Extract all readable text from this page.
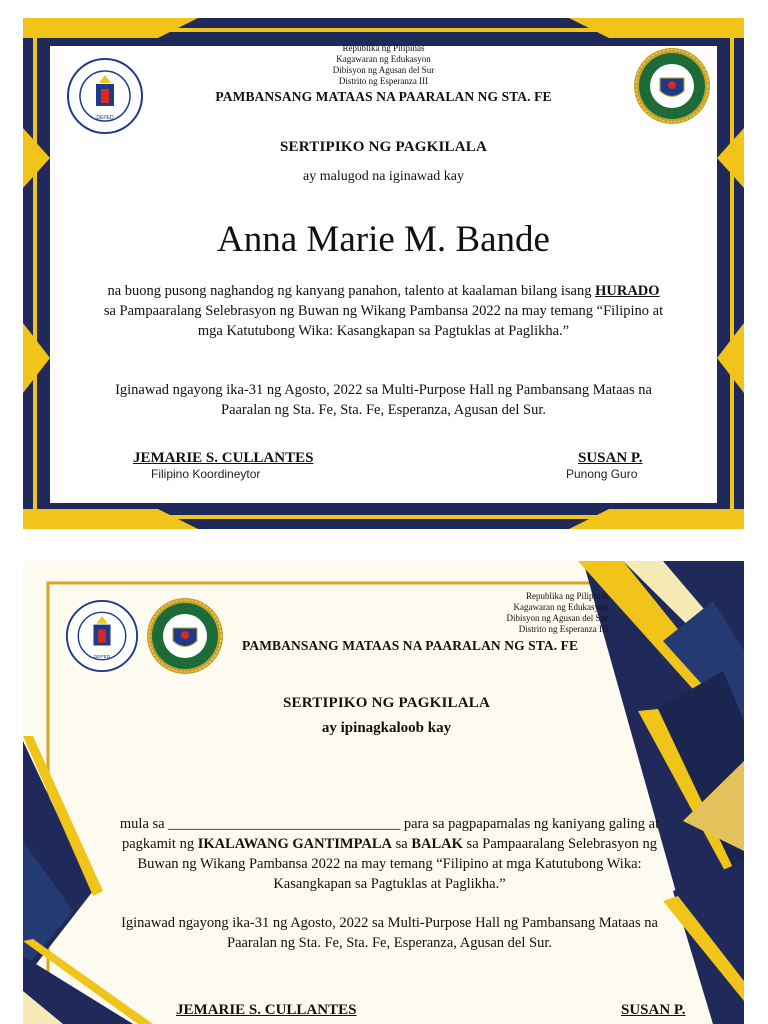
DEPED
Republika ng Pilipinas
Kagawaran ng Edukasyon
Dibisyon ng Agusan del Sur
Distrito ng Esperanza III
PAMBANSANG MATAAS NA PAARALAN NG STA. FE
SERTIPIKO NG PAGKILALA
ay malugod na iginawad kay
Anna Marie M. Bande
na buong pusong naghandog ng kanyang panahon, talento at kaalaman bilang isang HURADO sa Pampaaralang Selebrasyon ng Buwan ng Wikang Pambansa 2022 na may temang “Filipino at mga Katutubong Wika: Kasangkapan sa Pagtuklas at Paglikha.”
Iginawad ngayong ika-31 ng Agosto, 2022 sa Multi-Purpose Hall ng Pambansang Mataas na Paaralan ng Sta. Fe, Sta. Fe, Esperanza, Agusan del Sur.
JEMARIE S. CULLANTES
Filipino Koordineytor
SUSAN P.
Punong Guro
DEPED
Republika ng Pilipinas
Kagawaran ng Edukasyon
Dibisyon ng Agusan del Sur
Distrito ng Esperanza III
PAMBANSANG MATAAS NA PAARALAN NG STA. FE
SERTIPIKO NG PAGKILALA
ay ipinagkaloob kay
mula sa ________________________________ para sa pagpapamalas ng kaniyang galing at pagkamit ng IKALAWANG GANTIMPALA sa BALAK sa Pampaaralang Selebrasyon ng Buwan ng Wikang Pambansa 2022 na may temang “Filipino at mga Katutubong Wika: Kasangkapan sa Pagtuklas at Paglikha.”
Iginawad ngayong ika-31 ng Agosto, 2022 sa Multi-Purpose Hall ng Pambansang Mataas na Paaralan ng Sta. Fe, Sta. Fe, Esperanza, Agusan del Sur.
JEMARIE S. CULLANTES	SUSAN P.
